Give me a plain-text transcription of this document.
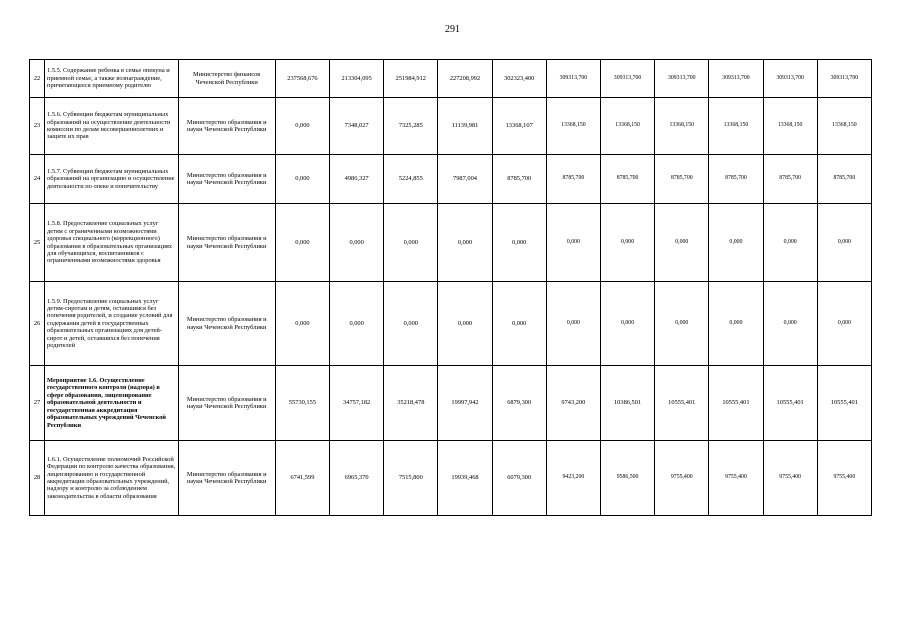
291
22	1.5.5. Содержание ребенка в семье опекуна и приемной семье, а также вознаграждение, причитающееся приемному родителю	Министерство финансов Чеченской Республики	237568,676	213304,095	251984,912	227208,992	302323,400	309313,700	309313,700	309313,700	309313,700	309313,700	309313,700
23	1.5.6. Субвенции бюджетам муниципальных образований на осуществление деятельности комиссии по делам несовершеннолетних и защите их прав	Министерство образования и науки Чеченской Республики	0,000	7348,027	7325,285	11139,981	13368,107	13368,150	13368,150	13368,150	13368,150	13368,150	13368,150
24	1.5.7. Субвенции бюджетам муниципальных образований на организацию и осуществление деятельности по опеке и попечительству	Министерство образования и науки Чеченской Республики	0,000	4986,327	5224,855	7987,004	8785,700	8785,700	8785,700	8785,700	8785,700	8785,700	8785,700
25	1.5.8. Предоставление социальных услуг детям с ограниченными возможностями здоровья специального (коррекционного) образования в образовательных организациях для обучающихся, воспитанников с ограниченными возможностями здоровья	Министерство образования и науки Чеченской Республики	0,000	0,000	0,000	0,000	0,000	0,000	0,000	0,000	0,000	0,000	0,000
26	1.5.9. Предоставление социальных услуг детям-сиротам и детям, оставшимся без попечения родителей, и создание условий для содержания детей в государственных образовательных организациях для детей-сирот и детей, оставшихся без попечения родителей	Министерство образования и науки Чеченской Республики	0,000	0,000	0,000	0,000	0,000	0,000	0,000	0,000	0,000	0,000	0,000
27	Мероприятие 1.6. Осуществление государственного контроля (надзора) в сфере образования, лицензирование образовательной деятельности и государственная аккредитация образовательных учреждений Чеченской Республики	Министерство образования и науки Чеченской Республики	55730,155	34757,182	35218,478	19997,942	6879,300	9743,200	10386,501	10555,401	10555,401	10555,401	10555,401
28	1.6.1. Осуществление полномочий Российской Федерации по контролю качества образования, лицензированию и государственной аккредитации образовательных учреждений, надзору и контролю за соблюдением законодательства в области образования	Министерство образования и науки Чеченской Республики	6741,599	6965,370	7515,800	19939,468	6079,300	9423,200	9586,500	9755,400	9755,400	9755,400	9755,400
